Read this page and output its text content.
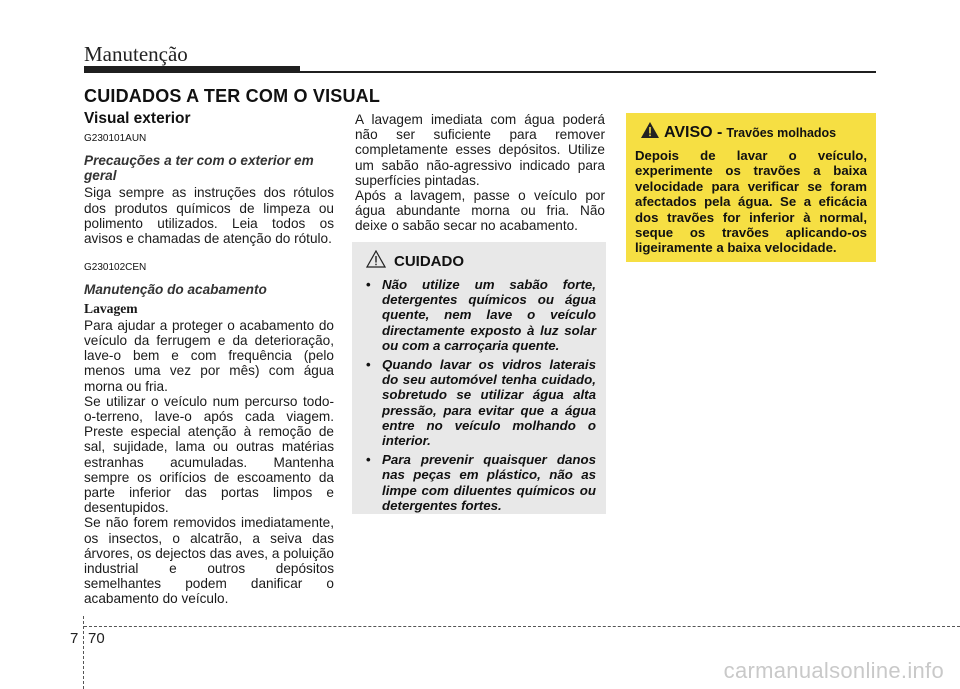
Manutenção
CUIDADOS A TER COM O VISUAL
Visual exterior
G230101AUN
Precauções a ter com o exterior em geral

Siga sempre as instruções dos rótulos dos produtos químicos de limpeza ou polimento utilizados. Leia todos os avisos e chamadas de atenção do rótulo.

G230102CEN
Manutenção do acabamento
Lavagem

Para ajudar a proteger o acabamento do veículo da ferrugem e da deterioração, lave-o bem e com frequência (pelo menos uma vez por mês) com água morna ou fria.

Se utilizar o veículo num percurso todo-o-terreno, lave-o após cada viagem. Preste especial atenção à remoção de sal, sujidade, lama ou outras matérias estranhas acumuladas. Mantenha sempre os orifícios de escoamento da parte inferior das portas limpos e desentupidos.

Se não forem removidos imediatamente, os insectos, o alcatrão, a seiva das árvores, os dejectos das aves, a poluição industrial e outros depósitos semelhantes podem danificar o acabamento do veículo.

A lavagem imediata com água poderá não ser suficiente para remover completamente esses depósitos. Utilize um sabão não-agressivo indicado para superfícies pintadas.

Após a lavagem, passe o veículo por água abundante morna ou fria. Não deixe o sabão secar no acabamento.

CUIDADO
• Não utilize um sabão forte, detergentes químicos ou água quente, nem lave o veículo directamente exposto à luz solar ou com a carroçaria quente.
• Quando lavar os vidros laterais do seu automóvel tenha cuidado, sobretudo se utilizar água alta pressão, para evitar que a água entre no veículo molhando o interior.
• Para prevenir quaisquer danos nas peças em plástico, não as limpe com diluentes químicos ou detergentes fortes.
AVISO - Travões molhados

Depois de lavar o veículo, experimente os travões a baixa velocidade para verificar se foram afectados pela água. Se a eficácia dos travões for inferior à normal, seque os travões aplicando-os ligeiramente a baixa velocidade.

7 70
carmanualsonline.info
